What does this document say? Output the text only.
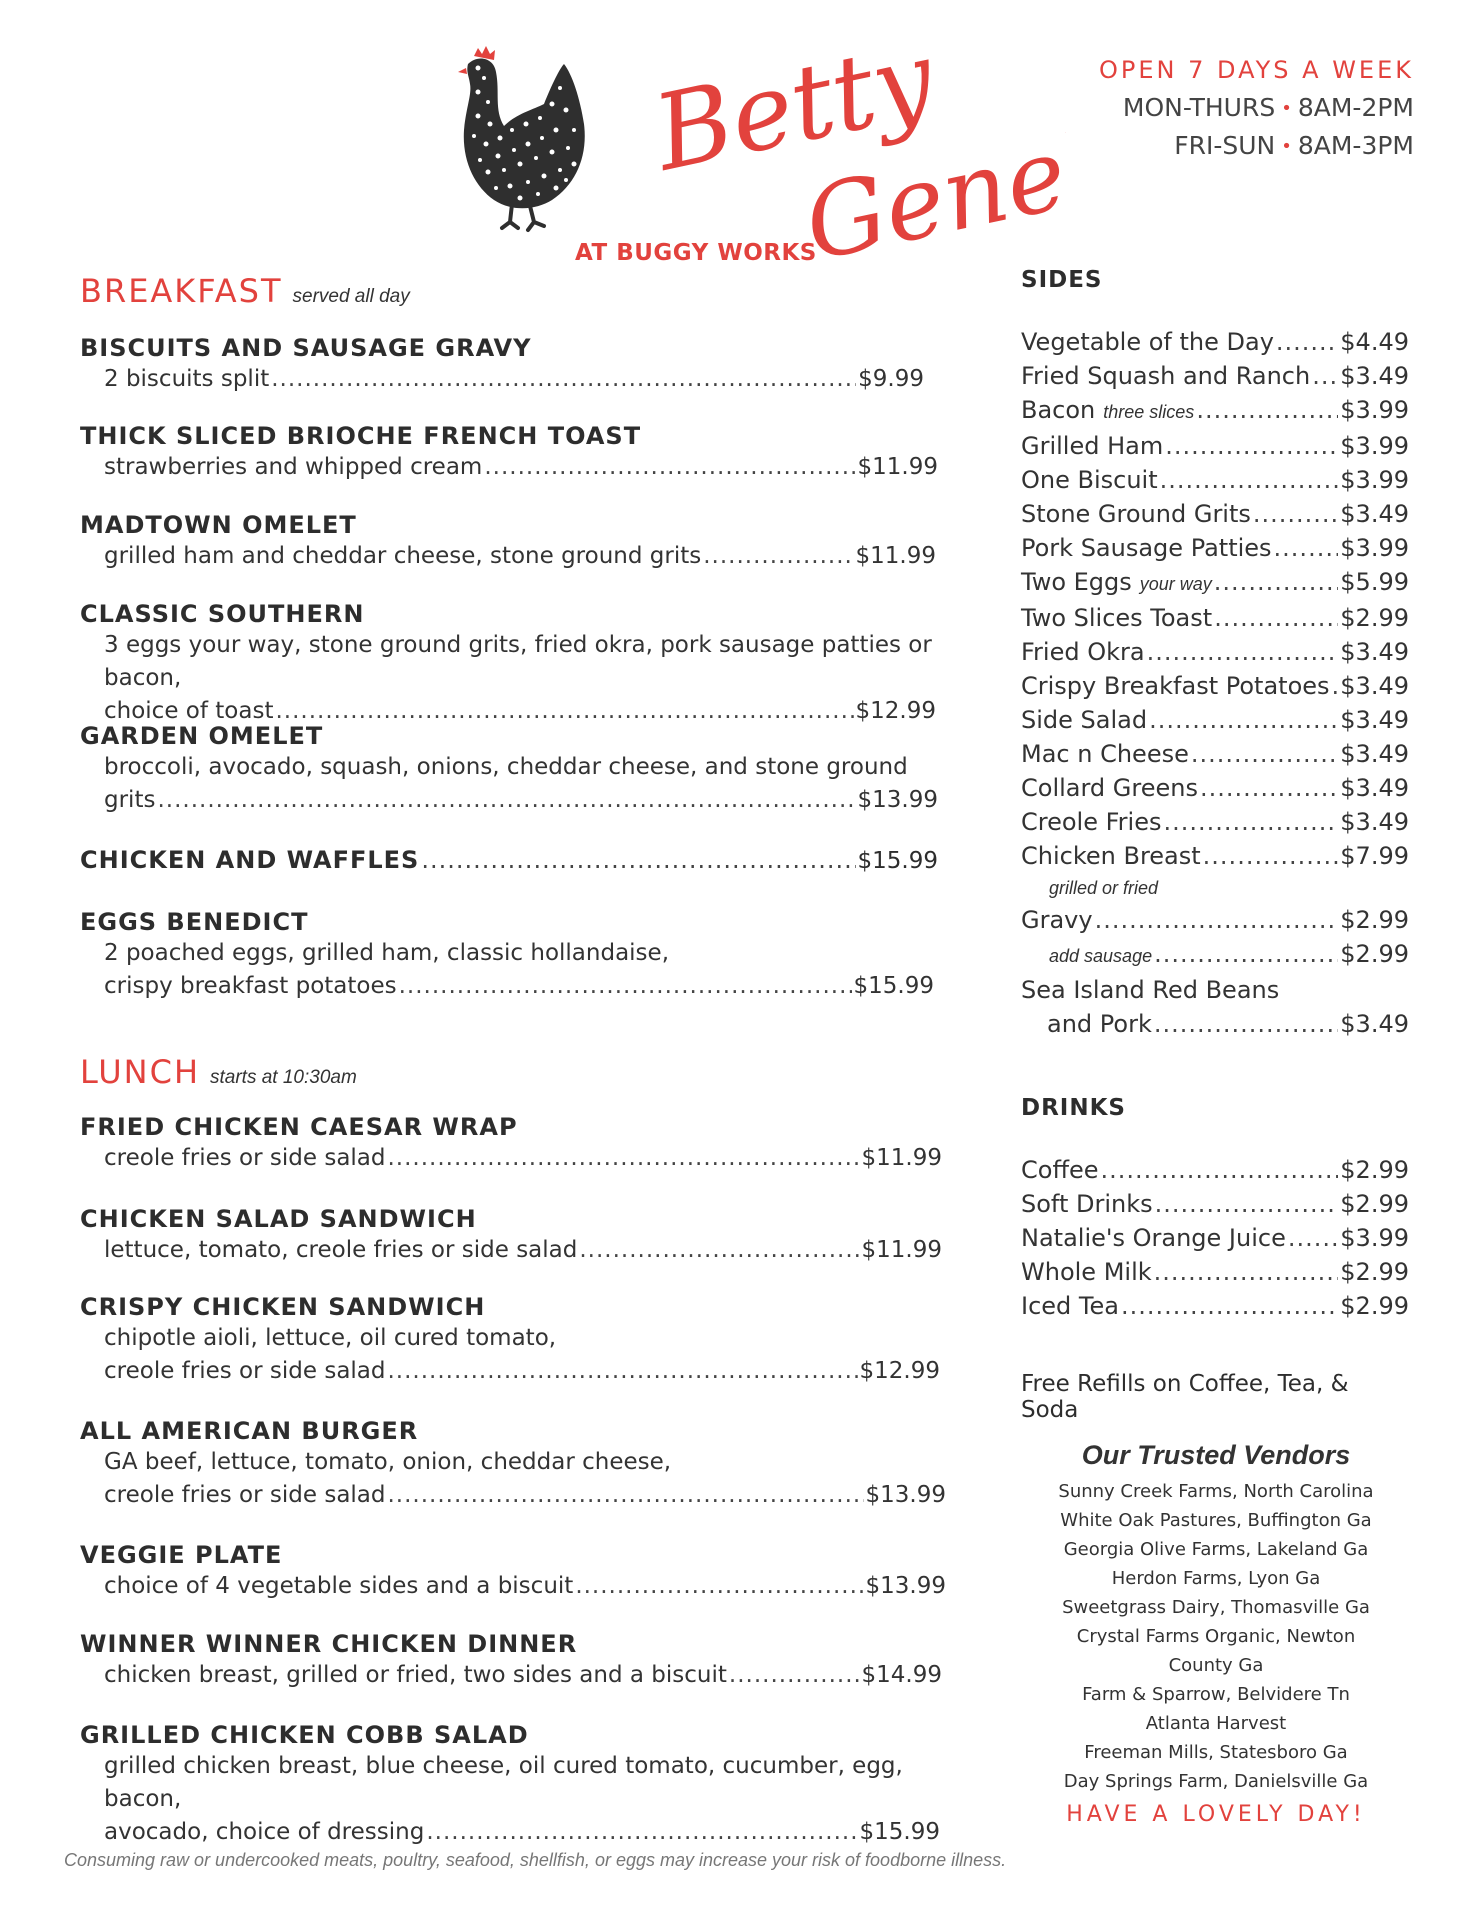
Betty
Gene's
AT BUGGY WORKS
OPEN 7 DAYS A WEEK
MON-THURS • 8AM-2PM
FRI-SUN • 8AM-3PM
BREAKFAST served all day
BISCUITS AND SAUSAGE GRAVY
2 biscuits split .....	$9.99
THICK SLICED BRIOCHE FRENCH TOAST
strawberries and whipped cream .....	$11.99
MADTOWN OMELET
grilled ham and cheddar cheese, stone ground grits .....	$11.99
CLASSIC SOUTHERN
3 eggs your way, stone ground grits, fried okra, pork sausage patties or bacon,
choice of toast .....	$12.99
GARDEN OMELET
broccoli, avocado, squash, onions, cheddar cheese, and stone ground
grits .....	$13.99
CHICKEN AND WAFFLES .....	$15.99
EGGS BENEDICT
2 poached eggs, grilled ham, classic hollandaise,
crispy breakfast potatoes .....	$15.99
LUNCH starts at 10:30am
FRIED CHICKEN CAESAR WRAP
creole fries or side salad .....	$11.99
CHICKEN SALAD SANDWICH
lettuce, tomato, creole fries or side salad .....	$11.99
CRISPY CHICKEN SANDWICH
chipotle aioli, lettuce, oil cured tomato,
creole fries or side salad .....	$12.99
ALL AMERICAN BURGER
GA beef, lettuce, tomato, onion, cheddar cheese,
creole fries or side salad .....	$13.99
VEGGIE PLATE
choice of 4 vegetable sides and a biscuit .....	$13.99
WINNER WINNER CHICKEN DINNER
chicken breast, grilled or fried, two sides and a biscuit .....	$14.99
GRILLED CHICKEN COBB SALAD
grilled chicken breast, blue cheese, oil cured tomato, cucumber, egg, bacon,
avocado, choice of dressing .....	$15.99
SIDES
Vegetable of the Day .....	$4.49
Fried Squash and Ranch ..... $3.49
Bacon three slices .....	$3.99
Grilled Ham .....	$3.99
One Biscuit .....	$3.99
Stone Ground Grits .....	$3.49
Pork Sausage Patties .....	$3.99
Two Eggs your way .....	$5.99
Two Slices Toast .....	$2.99
Fried Okra .....	$3.49
Crispy Breakfast Potatoes ..... $3.49
Side Salad .....	$3.49
Mac n Cheese .....	$3.49
Collard Greens .....	$3.49
Creole Fries .....	$3.49
Chicken Breast .....	$7.99
grilled or fried
Gravy .....	$2.99
add sausage .....	$2.99
Sea Island Red Beans
and Pork .....	$3.49
DRINKS
Coffee .....	$2.99
Soft Drinks .....	$2.99
Natalie's Orange Juice ..... $3.99
Whole Milk .....	$2.99
Iced Tea .....	$2.99
Free Refills on Coffee, Tea, & Soda
Our Trusted Vendors
Sunny Creek Farms, North Carolina
White Oak Pastures, Buffington Ga
Georgia Olive Farms, Lakeland Ga
Herdon Farms, Lyon Ga
Sweetgrass Dairy, Thomasville Ga
Crystal Farms Organic, Newton
County Ga
Farm & Sparrow, Belvidere Tn
Atlanta Harvest
Freeman Mills, Statesboro Ga
Day Springs Farm, Danielsville Ga
HAVE A LOVELY DAY!
Consuming raw or undercooked meats, poultry, seafood, shellfish, or eggs may increase your risk of foodborne illness.
